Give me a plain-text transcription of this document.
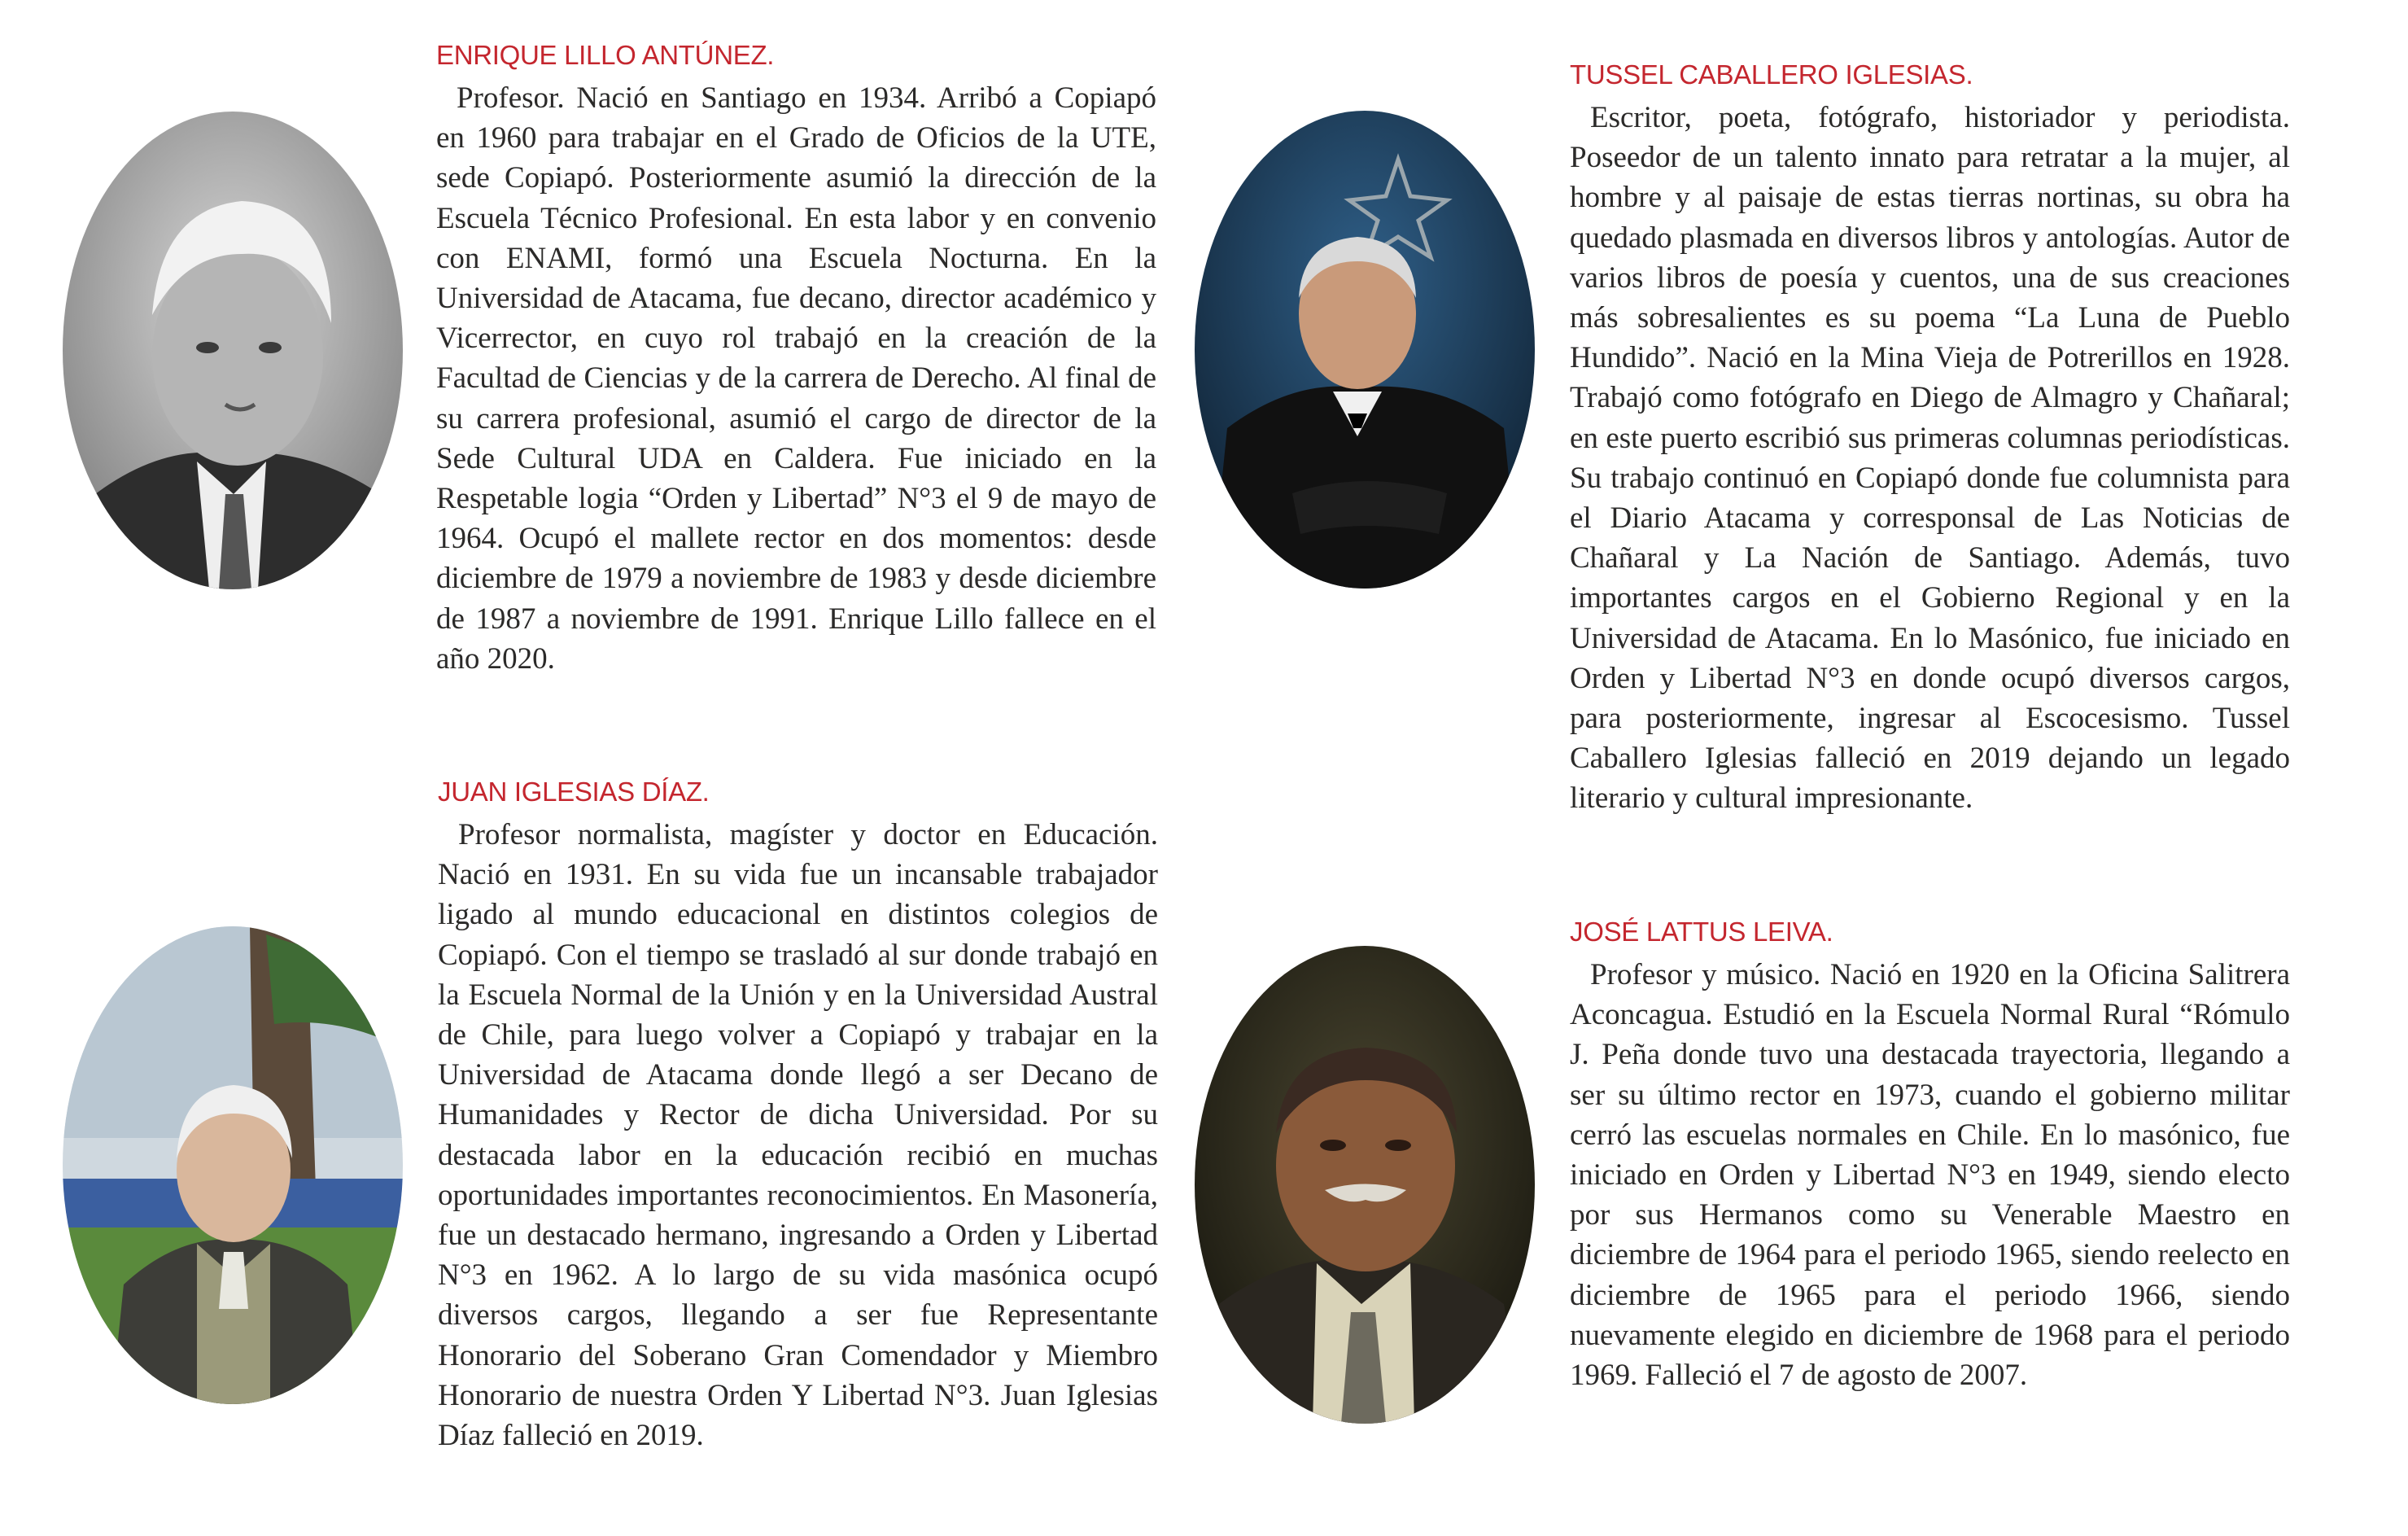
ENRIQUE LILLO ANTÚNEZ.

Profesor. Nació en Santiago en 1934. Arribó a Copiapó en 1960 para trabajar en el Grado de Oficios de la UTE, sede Copiapó. Posteriormente asumió la dirección de la Escuela Técnico Profesional. En esta labor y en convenio con ENAMI, formó una Escuela Nocturna. En la Universidad de Atacama, fue decano, director académico y Vicerrector, en cuyo rol trabajó en la creación de la Facultad de Ciencias y de la carrera de Derecho. Al final de su carrera profesional, asumió el cargo de director de la Sede Cultural UDA en Caldera. Fue iniciado en la Respetable logia “Orden y Libertad” N°3 el 9 de mayo de 1964. Ocupó el mallete rector en dos momentos: desde diciembre de 1979 a noviembre de 1983 y desde diciembre de 1987 a noviembre de 1991. Enrique Lillo fallece en el año 2020.

JUAN IGLESIAS DÍAZ.

Profesor normalista, magíster y doctor en Educación. Nació en 1931. En su vida fue un incansable trabajador ligado al mundo educacional en distintos colegios de Copiapó. Con el tiempo se trasladó al sur donde trabajó en la Escuela Normal de la Unión y en la Universidad Austral de Chile, para luego volver a Copiapó y trabajar en la Universidad de Atacama donde llegó a ser Decano de Humanidades y Rector de dicha Universidad. Por su destacada labor en la educación recibió en muchas oportunidades importantes reconocimientos. En Masonería, fue un destacado hermano, ingresando a Orden y Libertad N°3 en 1962. A lo largo de su vida masónica ocupó diversos cargos, llegando a ser fue Representante Honorario del Soberano Gran Comendador y Miembro Honorario de nuestra Orden Y Libertad N°3. Juan Iglesias Díaz falleció en 2019.

TUSSEL CABALLERO IGLESIAS.

Escritor, poeta, fotógrafo, historiador y periodista. Poseedor de un talento innato para retratar a la mujer, al hombre y al paisaje de estas tierras nortinas, su obra ha quedado plasmada en diversos libros y antologías. Autor de varios libros de poesía y cuentos, una de sus creaciones más sobresalientes es su poema “La Luna de Pueblo Hundido”. Nació en la Mina Vieja de Potrerillos en 1928. Trabajó como fotógrafo en Diego de Almagro y Chañaral; en este puerto escribió sus primeras columnas periodísticas. Su trabajo continuó en Copiapó donde fue columnista para el Diario Atacama y corresponsal de Las Noticias de Chañaral y La Nación de Santiago. Además, tuvo importantes cargos en el Gobierno Regional y en la Universidad de Atacama. En lo Masónico, fue iniciado en Orden y Libertad N°3 en donde ocupó diversos cargos, para posteriormente, ingresar al Escocesismo. Tussel Caballero Iglesias falleció en 2019 dejando un legado literario y cultural impresionante.

JOSÉ LATTUS LEIVA.

Profesor y músico. Nació en 1920 en la Oficina Salitrera Aconcagua. Estudió en la Escuela Normal Rural “Rómulo J. Peña donde tuvo una destacada trayectoria, llegando a ser su último rector en 1973, cuando el gobierno militar cerró las escuelas normales en Chile. En lo masónico, fue iniciado en Orden y Libertad N°3 en 1949, siendo electo por sus Hermanos como su Venerable Maestro en diciembre de 1964 para el periodo 1965, siendo reelecto en diciembre de 1965 para el periodo 1966, siendo nuevamente elegido en diciembre de 1968 para el periodo 1969. Falleció el 7 de agosto de 2007.
